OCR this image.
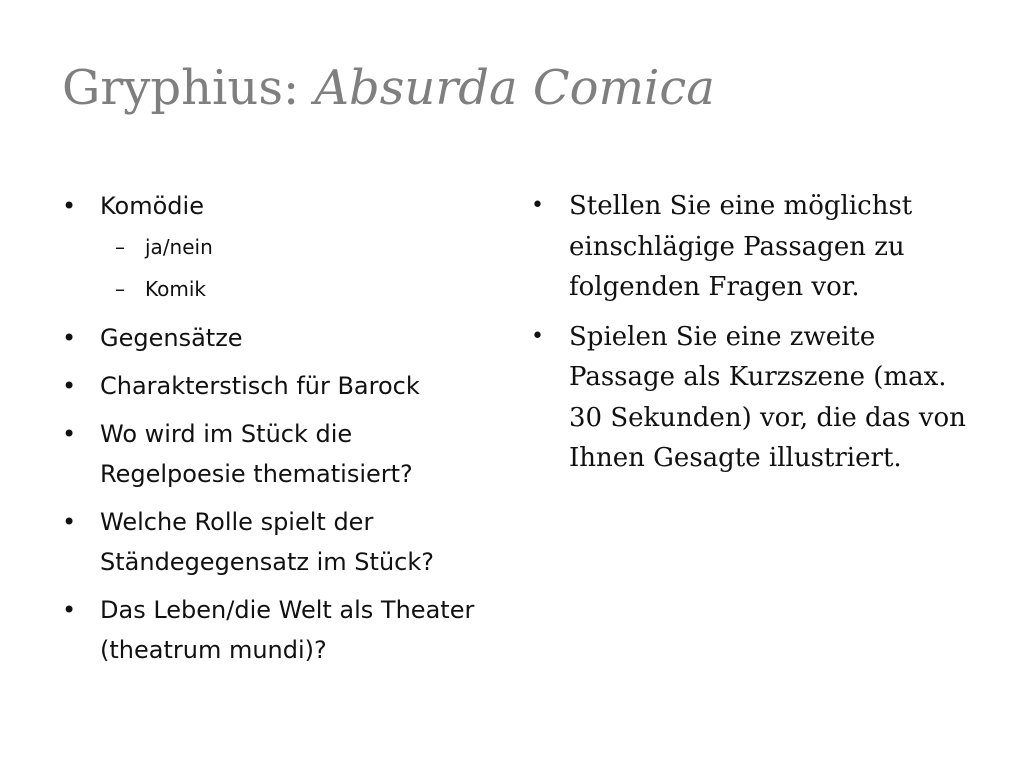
Gryphius: Absurda Comica
• Komödie
– ja/nein
– Komik
• Gegensätze
• Charakterstisch für Barock
• Wo wird im Stück die Regelpoesie thematisiert?
• Welche Rolle spielt der Ständegegensatz im Stück?
• Das Leben/die Welt als Theater (theatrum mundi)?
• Stellen Sie eine möglichst einschlägige Passagen zu folgenden Fragen vor.
• Spielen Sie eine zweite Passage als Kurzszene (max. 30 Sekunden) vor, die das von Ihnen Gesagte illustriert.
